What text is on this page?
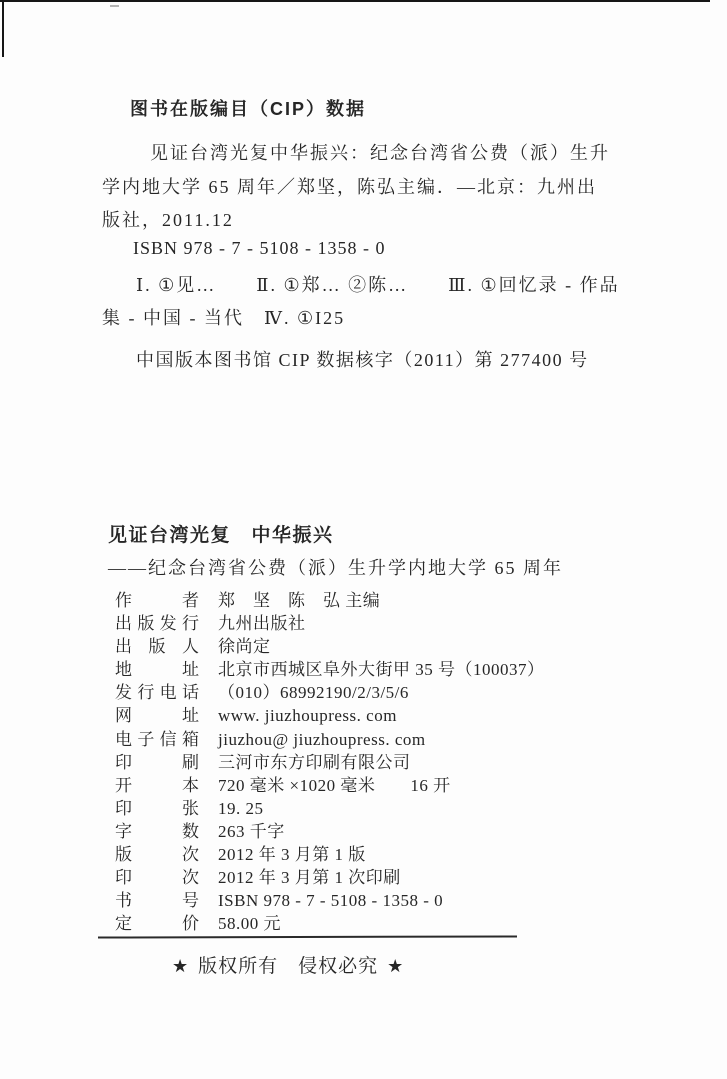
图书在版编目（CIP）数据
见证台湾光复中华振兴：纪念台湾省公费（派）生升
学内地大学 65 周年／郑坚，陈弘主编．—北京：九州出
版社，2011.12
ISBN 978 - 7 - 5108 - 1358 - 0
Ⅰ. ①见…　　Ⅱ. ①郑… ②陈…　　Ⅲ. ①回忆录 - 作品
集 - 中国 - 当代　Ⅳ. ①I25
中国版本图书馆 CIP 数据核字（2011）第 277400 号
见证台湾光复　中华振兴
——纪念台湾省公费（派）生升学内地大学 65 周年
作者 郑　坚　陈　弘 主编
出版发行 九州出版社
出版人 徐尚定
地址 北京市西城区阜外大街甲 35 号（100037）
发行电话 （010）68992190/2/3/5/6
网址 www. jiuzhoupress. com
电子信箱 jiuzhou@ jiuzhoupress. com
印刷 三河市东方印刷有限公司
开本 720 毫米 ×1020 毫米　　16 开
印张 19. 25
字数 263 千字
版次 2012 年 3 月第 1 版
印次 2012 年 3 月第 1 次印刷
书号 ISBN 978 - 7 - 5108 - 1358 - 0
定价 58.00 元
★ 版权所有　侵权必究 ★
